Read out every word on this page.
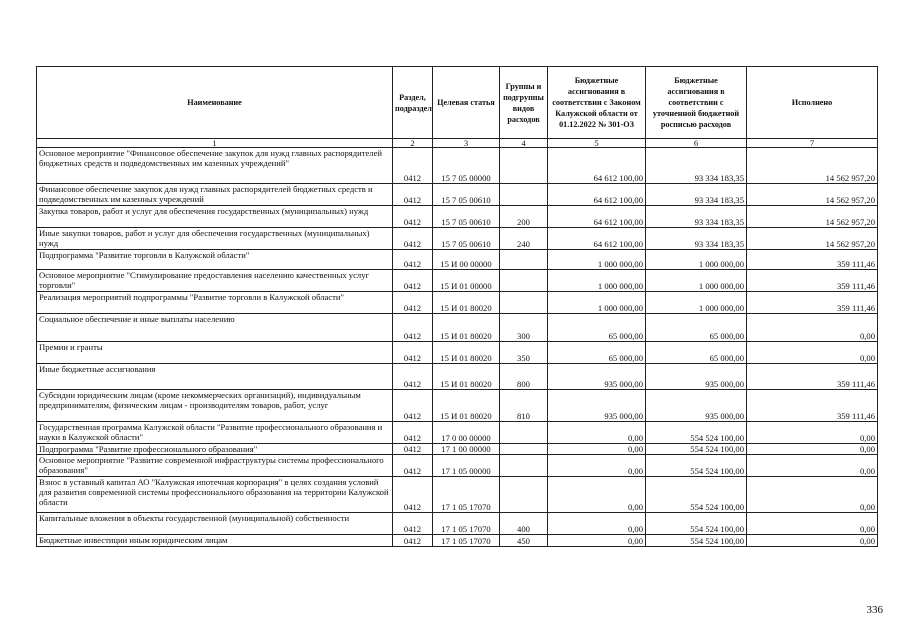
Наименование	Раздел, подраздел	Целевая статья	Группы и подгруппы видов расходов	Бюджетные ассигнования в соответствии с Законом Калужской области от 01.12.2022 № 301-ОЗ	Бюджетные ассигнования в соответствии с уточненной бюджетной росписью расходов	Исполнено
1	2	3	4	5	6	7
Основное мероприятие "Финансовое обеспечение закупок для нужд главных распорядителей бюджетных средств и подведомственных им казенных учреждений"	0412	15 7 05 00000		64 612 100,00	93 334 183,35	14 562 957,20
Финансовое обеспечение закупок для нужд главных распорядителей бюджетных средств и подведомственных им казенных учреждений	0412	15 7 05 00610		64 612 100,00	93 334 183,35	14 562 957,20
Закупка товаров, работ и услуг для обеспечения государственных (муниципальных) нужд	0412	15 7 05 00610	200	64 612 100,00	93 334 183,35	14 562 957,20
Иные закупки товаров, работ и услуг для обеспечения государственных (муниципальных) нужд	0412	15 7 05 00610	240	64 612 100,00	93 334 183,35	14 562 957,20
Подпрограмма "Развитие торговли в Калужской области"	0412	15 И 00 00000		1 000 000,00	1 000 000,00	359 111,46
Основное мероприятие "Стимулирование предоставления населению качественных услуг торговли"	0412	15 И 01 00000		1 000 000,00	1 000 000,00	359 111,46
Реализация мероприятий подпрограммы "Развитие торговли в Калужской области"	0412	15 И 01 80020		1 000 000,00	1 000 000,00	359 111,46
Социальное обеспечение и иные выплаты населению	0412	15 И 01 80020	300	65 000,00	65 000,00	0,00
Премии и гранты	0412	15 И 01 80020	350	65 000,00	65 000,00	0,00
Иные бюджетные ассигнования	0412	15 И 01 80020	800	935 000,00	935 000,00	359 111,46
Субсидии юридическим лицам (кроме некоммерческих организаций), индивидуальным предпринимателям, физическим лицам - производителям товаров, работ, услуг	0412	15 И 01 80020	810	935 000,00	935 000,00	359 111,46
Государственная программа Калужской области "Развитие профессионального образования и науки в Калужской области"	0412	17 0 00 00000		0,00	554 524 100,00	0,00
Подпрограмма "Развитие профессионального образования"	0412	17 1 00 00000		0,00	554 524 100,00	0,00
Основное мероприятие "Развитие современной инфраструктуры системы профессионального образования"	0412	17 1 05 00000		0,00	554 524 100,00	0,00
Взнос в уставный капитал АО "Калужская ипотечная корпорация" в целях создания условий для развития современной системы профессионального образования на территории Калужской области	0412	17 1 05 17070		0,00	554 524 100,00	0,00
Капитальные вложения в объекты государственной (муниципальной) собственности	0412	17 1 05 17070	400	0,00	554 524 100,00	0,00
Бюджетные инвестиции иным юридическим лицам	0412	17 1 05 17070	450	0,00	554 524 100,00	0,00
336
